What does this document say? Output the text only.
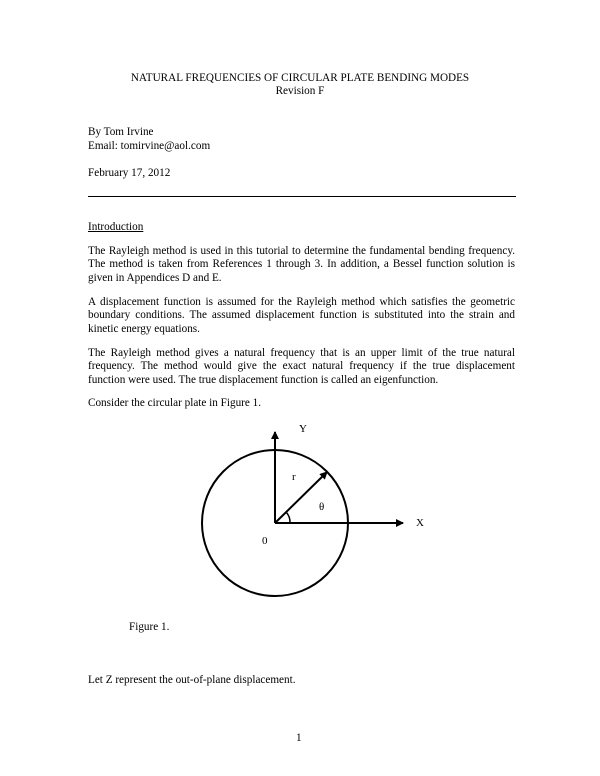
NATURAL FREQUENCIES OF CIRCULAR PLATE BENDING MODES
Revision F
By Tom Irvine
Email: tomirvine@aol.com
February 17, 2012
Introduction
The Rayleigh method is used in this tutorial to determine the fundamental bending frequency. The method is taken from References 1 through 3. In addition, a Bessel function solution is given in Appendices D and E.
A displacement function is assumed for the Rayleigh method which satisfies the geometric boundary conditions. The assumed displacement function is substituted into the strain and kinetic energy equations.
The Rayleigh method gives a natural frequency that is an upper limit of the true natural frequency. The method would give the exact natural frequency if the true displacement function were used. The true displacement function is called an eigenfunction.
Consider the circular plate in Figure 1.
Y
X
r
θ
0
Figure 1.
Let Z represent the out-of-plane displacement.
1
